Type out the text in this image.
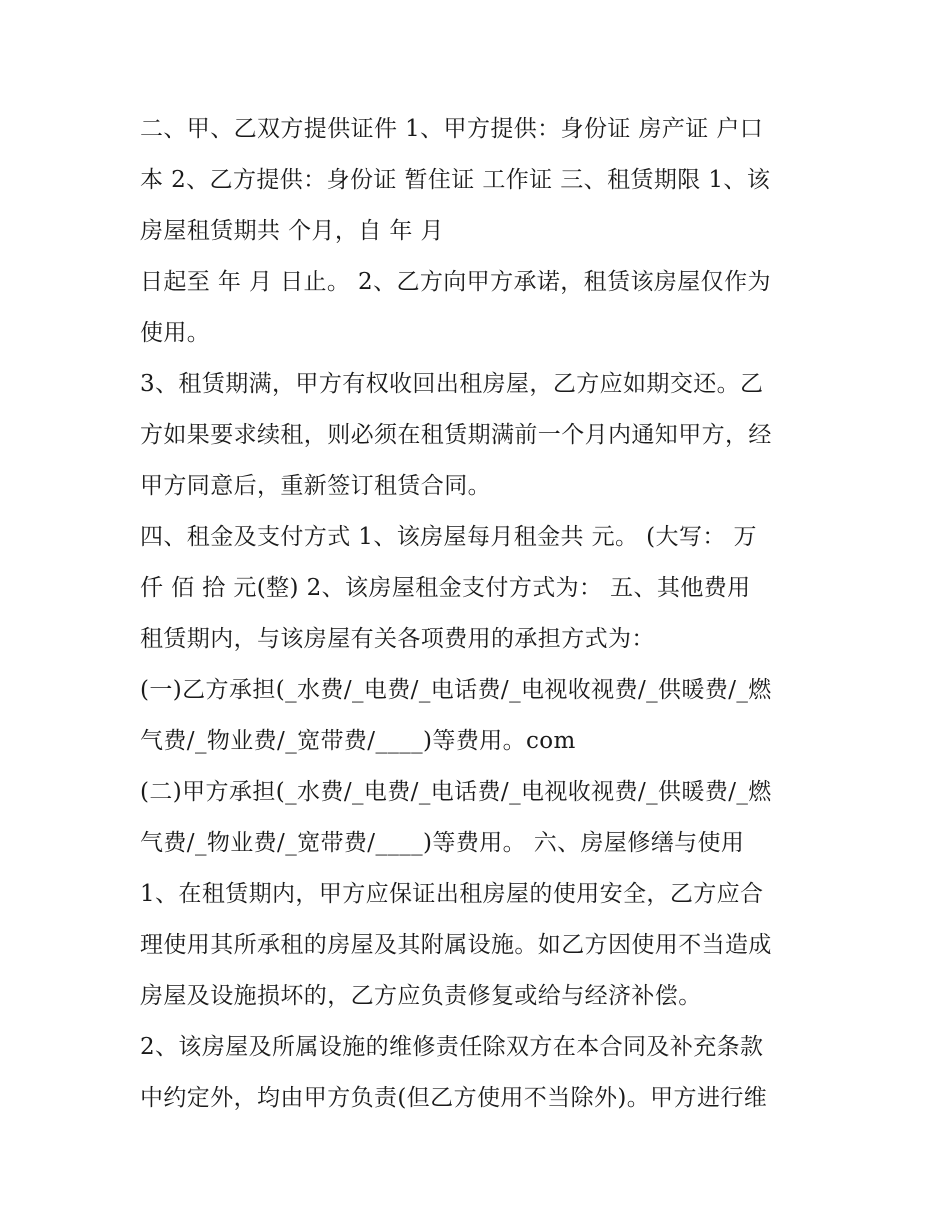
二、甲、乙双方提供证件 1、甲方提供：身份证 房产证 户口
本 2、乙方提供：身份证 暂住证 工作证 三、租赁期限 1、该
房屋租赁期共 个月，自 年 月
日起至 年 月 日止。 2、乙方向甲方承诺，租赁该房屋仅作为
使用。
3、租赁期满，甲方有权收回出租房屋，乙方应如期交还。乙
方如果要求续租，则必须在租赁期满前一个月内通知甲方，经
甲方同意后，重新签订租赁合同。
四、租金及支付方式 1、该房屋每月租金共 元。 (大写： 万
仟 佰 拾 元(整) 2、该房屋租金支付方式为： 五、其他费用
租赁期内，与该房屋有关各项费用的承担方式为：
(一)乙方承担(_水费/_电费/_电话费/_电视收视费/_供暖费/_燃
气费/_物业费/_宽带费/____)等费用。com
(二)甲方承担(_水费/_电费/_电话费/_电视收视费/_供暖费/_燃
气费/_物业费/_宽带费/____)等费用。 六、房屋修缮与使用
1、在租赁期内，甲方应保证出租房屋的使用安全，乙方应合
理使用其所承租的房屋及其附属设施。如乙方因使用不当造成
房屋及设施损坏的，乙方应负责修复或给与经济补偿。
2、该房屋及所属设施的维修责任除双方在本合同及补充条款
中约定外，均由甲方负责(但乙方使用不当除外)。甲方进行维
